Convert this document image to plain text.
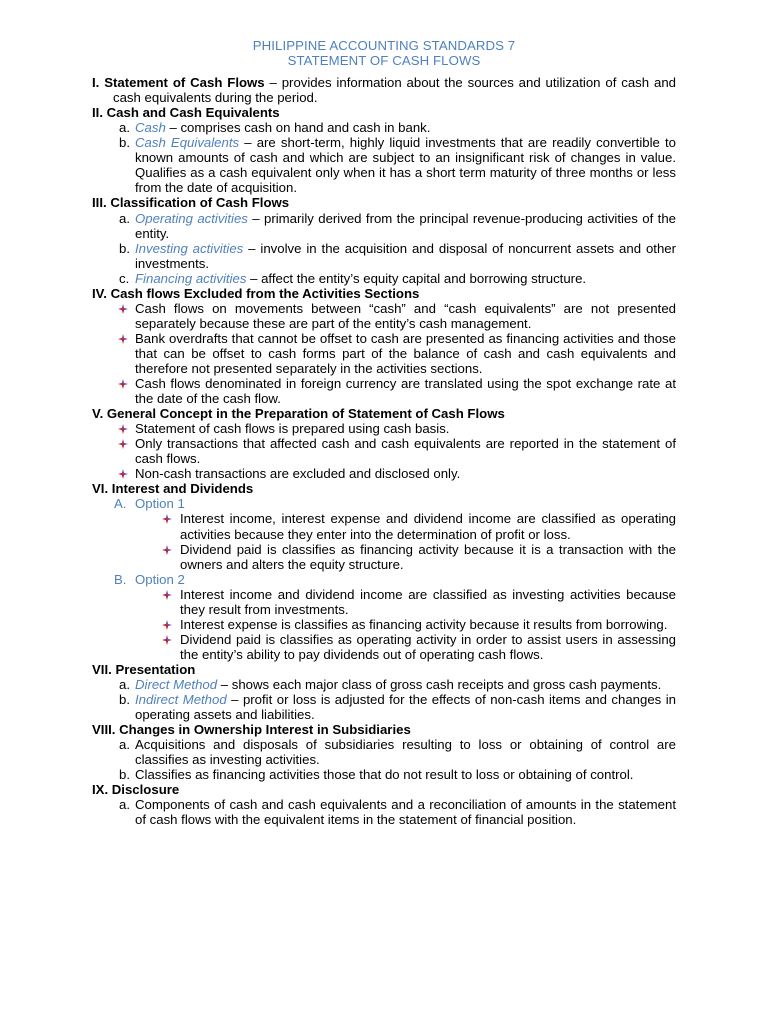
PHILIPPINE ACCOUNTING STANDARDS 7
STATEMENT OF CASH FLOWS
I. Statement of Cash Flows – provides information about the sources and utilization of cash and cash equivalents during the period.
II. Cash and Cash Equivalents
a. Cash – comprises cash on hand and cash in bank.
b. Cash Equivalents – are short-term, highly liquid investments that are readily convertible to known amounts of cash and which are subject to an insignificant risk of changes in value. Qualifies as a cash equivalent only when it has a short term maturity of three months or less from the date of acquisition.
III. Classification of Cash Flows
a. Operating activities – primarily derived from the principal revenue-producing activities of the entity.
b. Investing activities – involve in the acquisition and disposal of noncurrent assets and other investments.
c. Financing activities – affect the entity’s equity capital and borrowing structure.
IV. Cash flows Excluded from the Activities Sections
Cash flows on movements between “cash” and “cash equivalents” are not presented separately because these are part of the entity’s cash management.
Bank overdrafts that cannot be offset to cash are presented as financing activities and those that can be offset to cash forms part of the balance of cash and cash equivalents and therefore not presented separately in the activities sections.
Cash flows denominated in foreign currency are translated using the spot exchange rate at the date of the cash flow.
V. General Concept in the Preparation of Statement of Cash Flows
Statement of cash flows is prepared using cash basis.
Only transactions that affected cash and cash equivalents are reported in the statement of cash flows.
Non-cash transactions are excluded and disclosed only.
VI. Interest and Dividends
A. Option 1
Interest income, interest expense and dividend income are classified as operating activities because they enter into the determination of profit or loss.
Dividend paid is classifies as financing activity because it is a transaction with the owners and alters the equity structure.
B. Option 2
Interest income and dividend income are classified as investing activities because they result from investments.
Interest expense is classifies as financing activity because it results from borrowing.
Dividend paid is classifies as operating activity in order to assist users in assessing the entity’s ability to pay dividends out of operating cash flows.
VII. Presentation
a. Direct Method – shows each major class of gross cash receipts and gross cash payments.
b. Indirect Method – profit or loss is adjusted for the effects of non-cash items and changes in operating assets and liabilities.
VIII. Changes in Ownership Interest in Subsidiaries
a. Acquisitions and disposals of subsidiaries resulting to loss or obtaining of control are classifies as investing activities.
b. Classifies as financing activities those that do not result to loss or obtaining of control.
IX. Disclosure
a. Components of cash and cash equivalents and a reconciliation of amounts in the statement of cash flows with the equivalent items in the statement of financial position.
